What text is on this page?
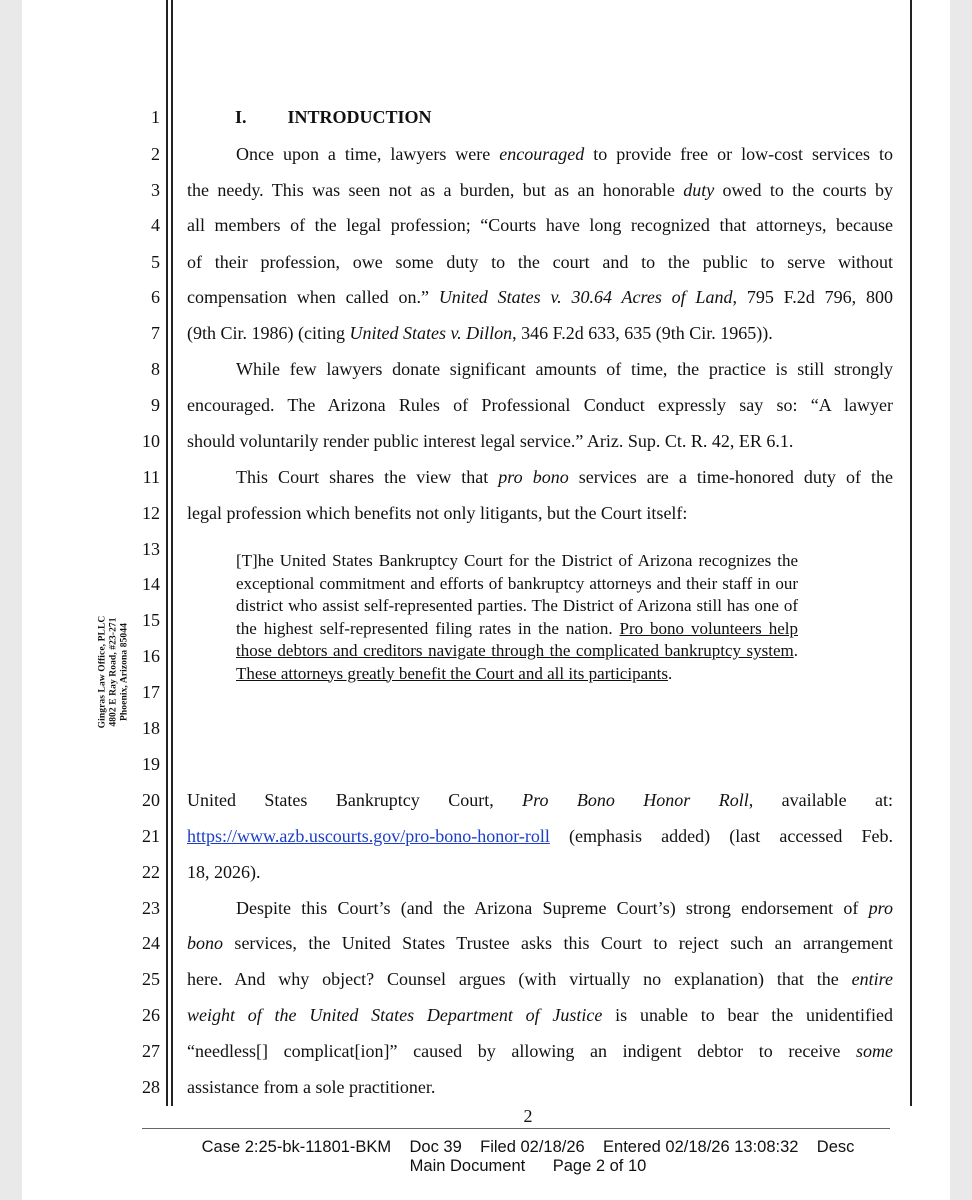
Gingras Law Office, PLLC 4802 E Ray Road, #23-271 Phoenix, Arizona 85044
1
2
3
4
5
6
7
8
9
10
11
12
13
14
15
16
17
18
19
20
21
22
23
24
25
26
27
28
I. INTRODUCTION
Once upon a time, lawyers were encouraged to provide free or low-cost services to
the needy. This was seen not as a burden, but as an honorable duty owed to the courts by
all members of the legal profession; “Courts have long recognized that attorneys, because
of their profession, owe some duty to the court and to the public to serve without
compensation when called on.” United States v. 30.64 Acres of Land, 795 F.2d 796, 800
(9th Cir. 1986) (citing United States v. Dillon, 346 F.2d 633, 635 (9th Cir. 1965)).
While few lawyers donate significant amounts of time, the practice is still strongly
encouraged. The Arizona Rules of Professional Conduct expressly say so: “A lawyer
should voluntarily render public interest legal service.” Ariz. Sup. Ct. R. 42, ER 6.1.
This Court shares the view that pro bono services are a time-honored duty of the
legal profession which benefits not only litigants, but the Court itself:
[T]he United States Bankruptcy Court for the District of Arizona recognizes the exceptional commitment and efforts of bankruptcy attorneys and their staff in our district who assist self-represented parties. The District of Arizona still has one of the highest self-represented filing rates in the nation. Pro bono volunteers help those debtors and creditors navigate through the complicated bankruptcy system. These attorneys greatly benefit the Court and all its participants.
United States Bankruptcy Court, Pro Bono Honor Roll, available at:
https://www.azb.uscourts.gov/pro-bono-honor-roll (emphasis added) (last accessed Feb.
18, 2026).
Despite this Court’s (and the Arizona Supreme Court’s) strong endorsement of pro
bono services, the United States Trustee asks this Court to reject such an arrangement
here. And why object? Counsel argues (with virtually no explanation) that the entire
weight of the United States Department of Justice is unable to bear the unidentified
“needless[] complicat[ion]” caused by allowing an indigent debtor to receive some
assistance from a sole practitioner.
2
Case 2:25-bk-11801-BKM    Doc 39    Filed 02/18/26    Entered 02/18/26 13:08:32    Desc
Main Document      Page 2 of 10
